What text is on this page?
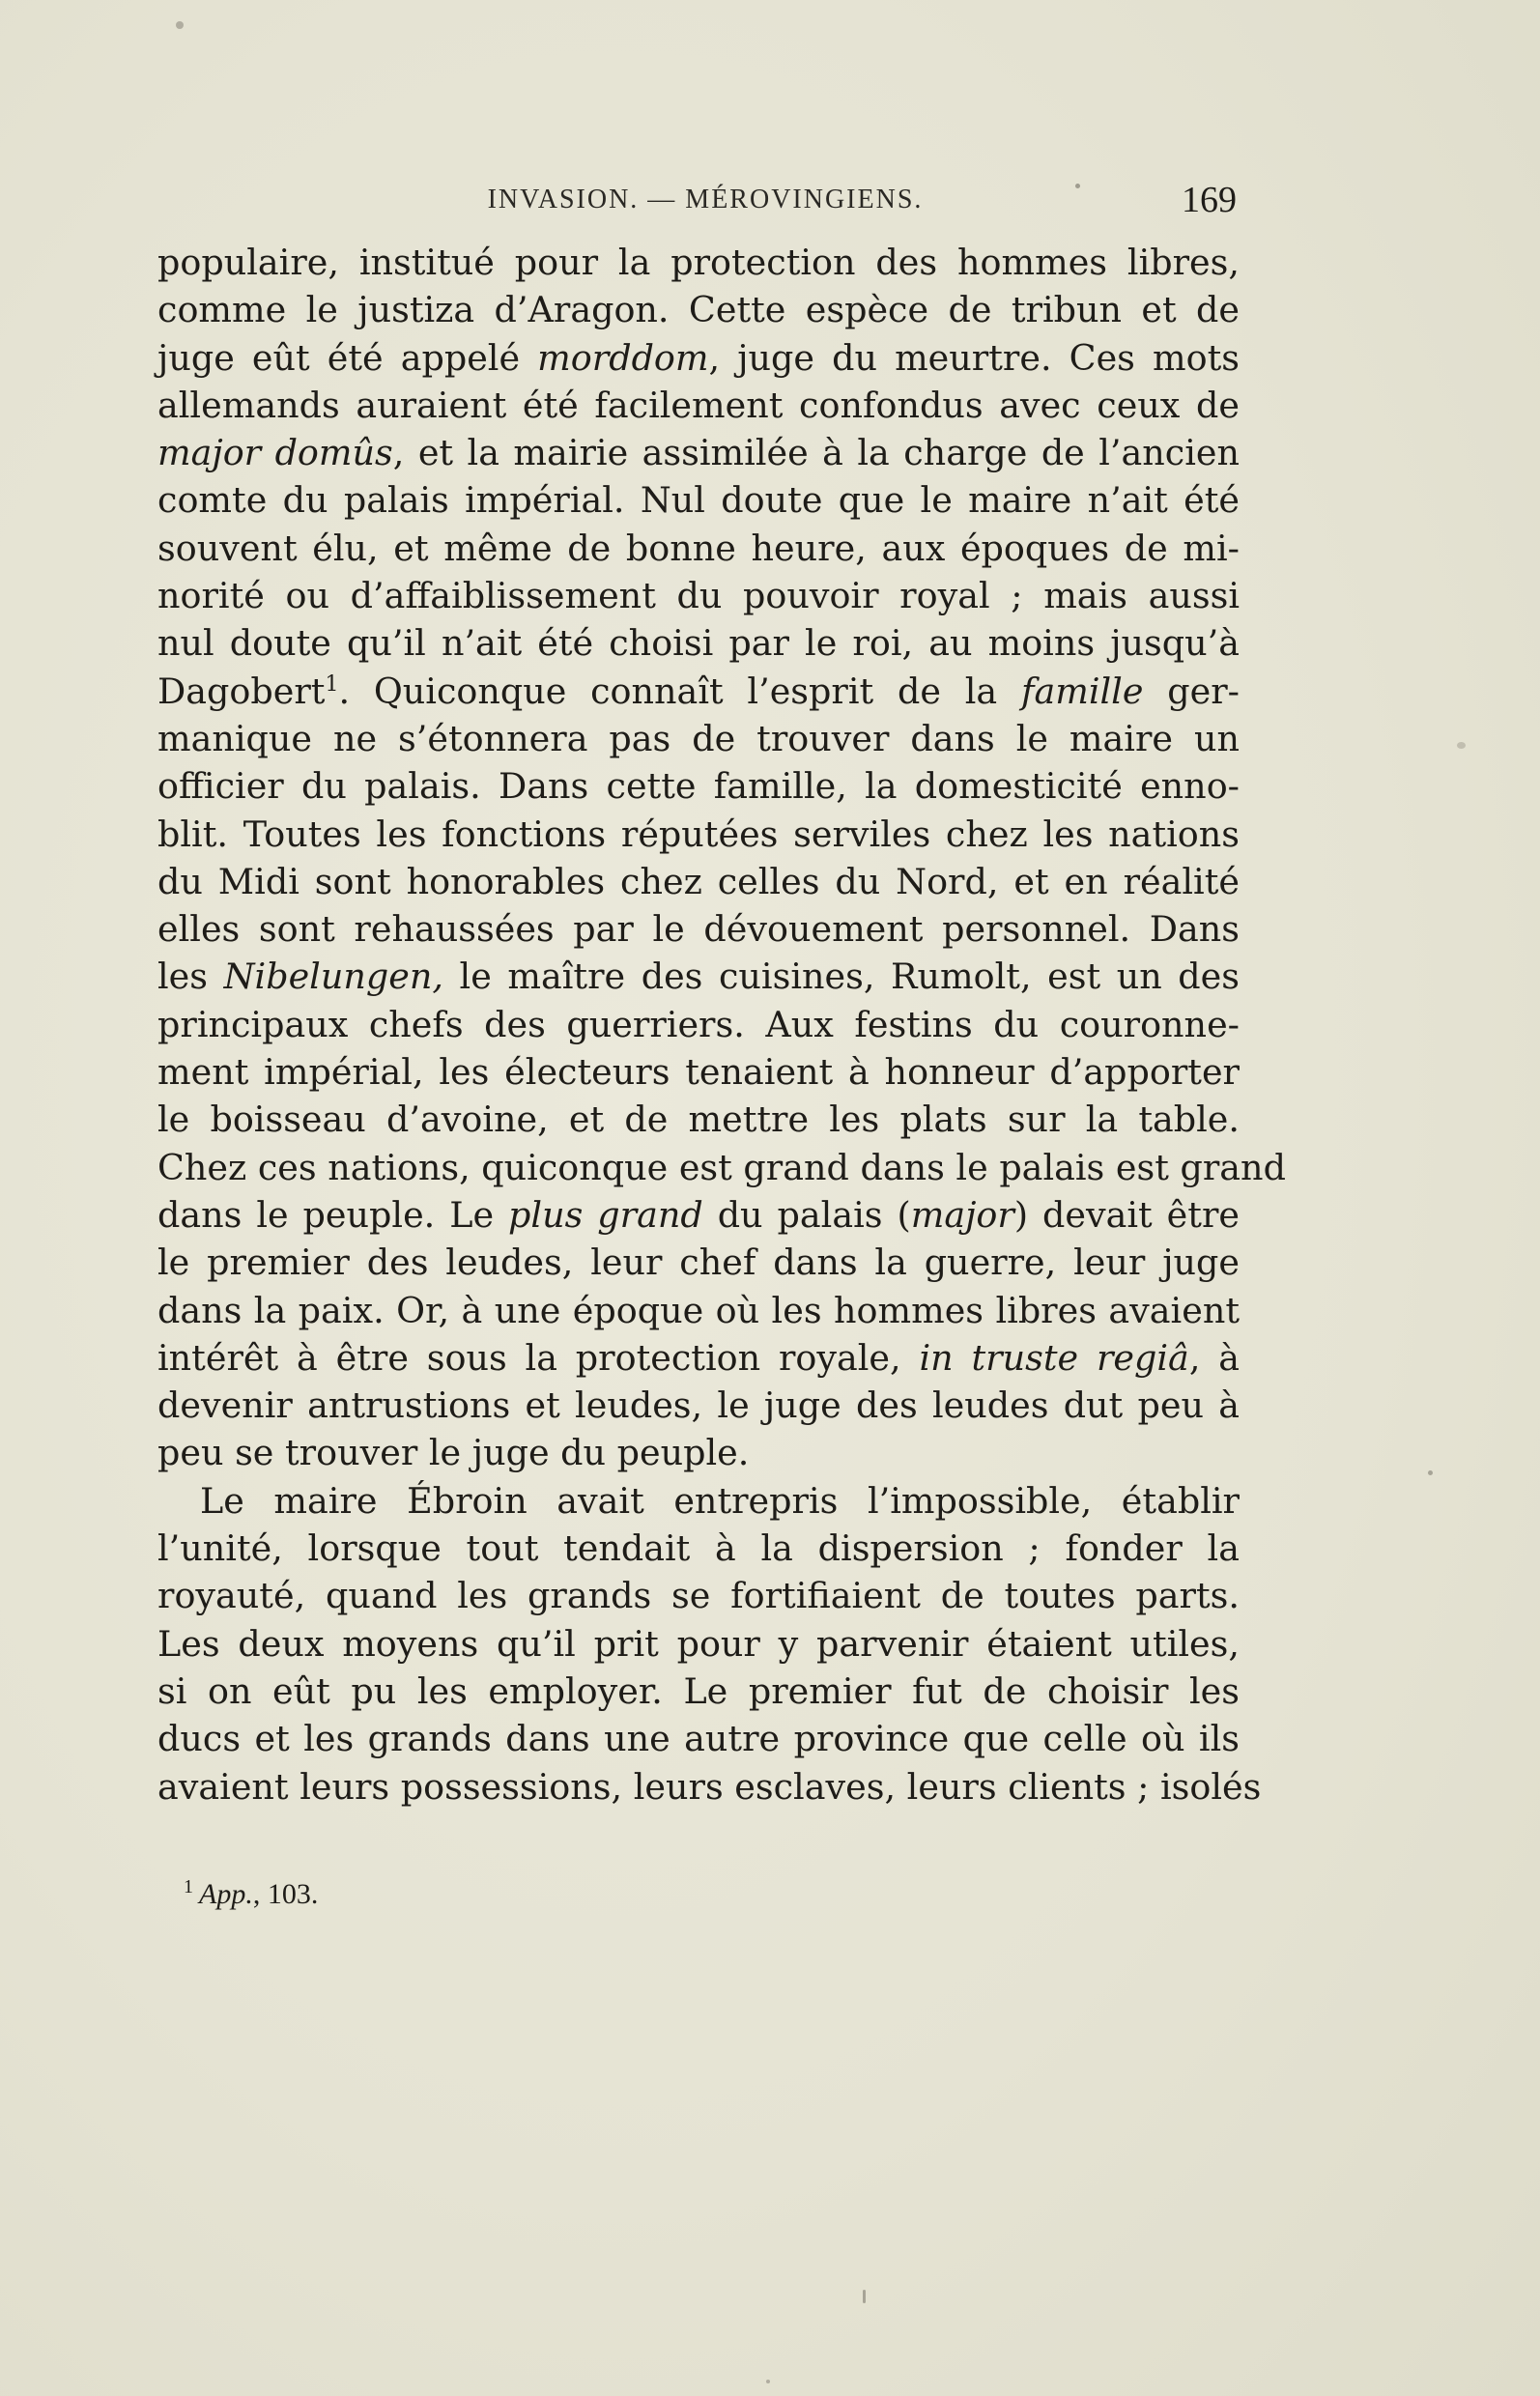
INVASION. — MÉROVINGIENS.	169
populaire, institué pour la protection des hommes libres,
comme le justiza d’Aragon. Cette espèce de tribun et de
juge eût été appelé morddom, juge du meurtre. Ces mots
allemands auraient été facilement confondus avec ceux de
major domûs, et la mairie assimilée à la charge de l’ancien
comte du palais impérial. Nul doute que le maire n’ait été
souvent élu, et même de bonne heure, aux époques de mi-
norité ou d’affaiblissement du pouvoir royal ; mais aussi
nul doute qu’il n’ait été choisi par le roi, au moins jusqu’à
Dagobert$^1$. Quiconque connaît l’esprit de la famille ger-
manique ne s’étonnera pas de trouver dans le maire un
officier du palais. Dans cette famille, la domesticité enno-
blit. Toutes les fonctions réputées serviles chez les nations
du Midi sont honorables chez celles du Nord, et en réalité
elles sont rehaussées par le dévouement personnel. Dans
les Nibelungen, le maître des cuisines, Rumolt, est un des
principaux chefs des guerriers. Aux festins du couronne-
ment impérial, les électeurs tenaient à honneur d’apporter
le boisseau d’avoine, et de mettre les plats sur la table.
Chez ces nations, quiconque est grand dans le palais est grand
dans le peuple. Le plus grand du palais (major) devait être
le premier des leudes, leur chef dans la guerre, leur juge
dans la paix. Or, à une époque où les hommes libres avaient
intérêt à être sous la protection royale, in truste regiâ, à
devenir antrustions et leudes, le juge des leudes dut peu à
peu se trouver le juge du peuple.
Le maire Ébroin avait entrepris l’impossible, établir
l’unité, lorsque tout tendait à la dispersion ; fonder la
royauté, quand les grands se fortifiaient de toutes parts.
Les deux moyens qu’il prit pour y parvenir étaient utiles,
si on eût pu les employer. Le premier fut de choisir les
ducs et les grands dans une autre province que celle où ils
avaient leurs possessions, leurs esclaves, leurs clients ; isolés
$^1$ App., 103.
